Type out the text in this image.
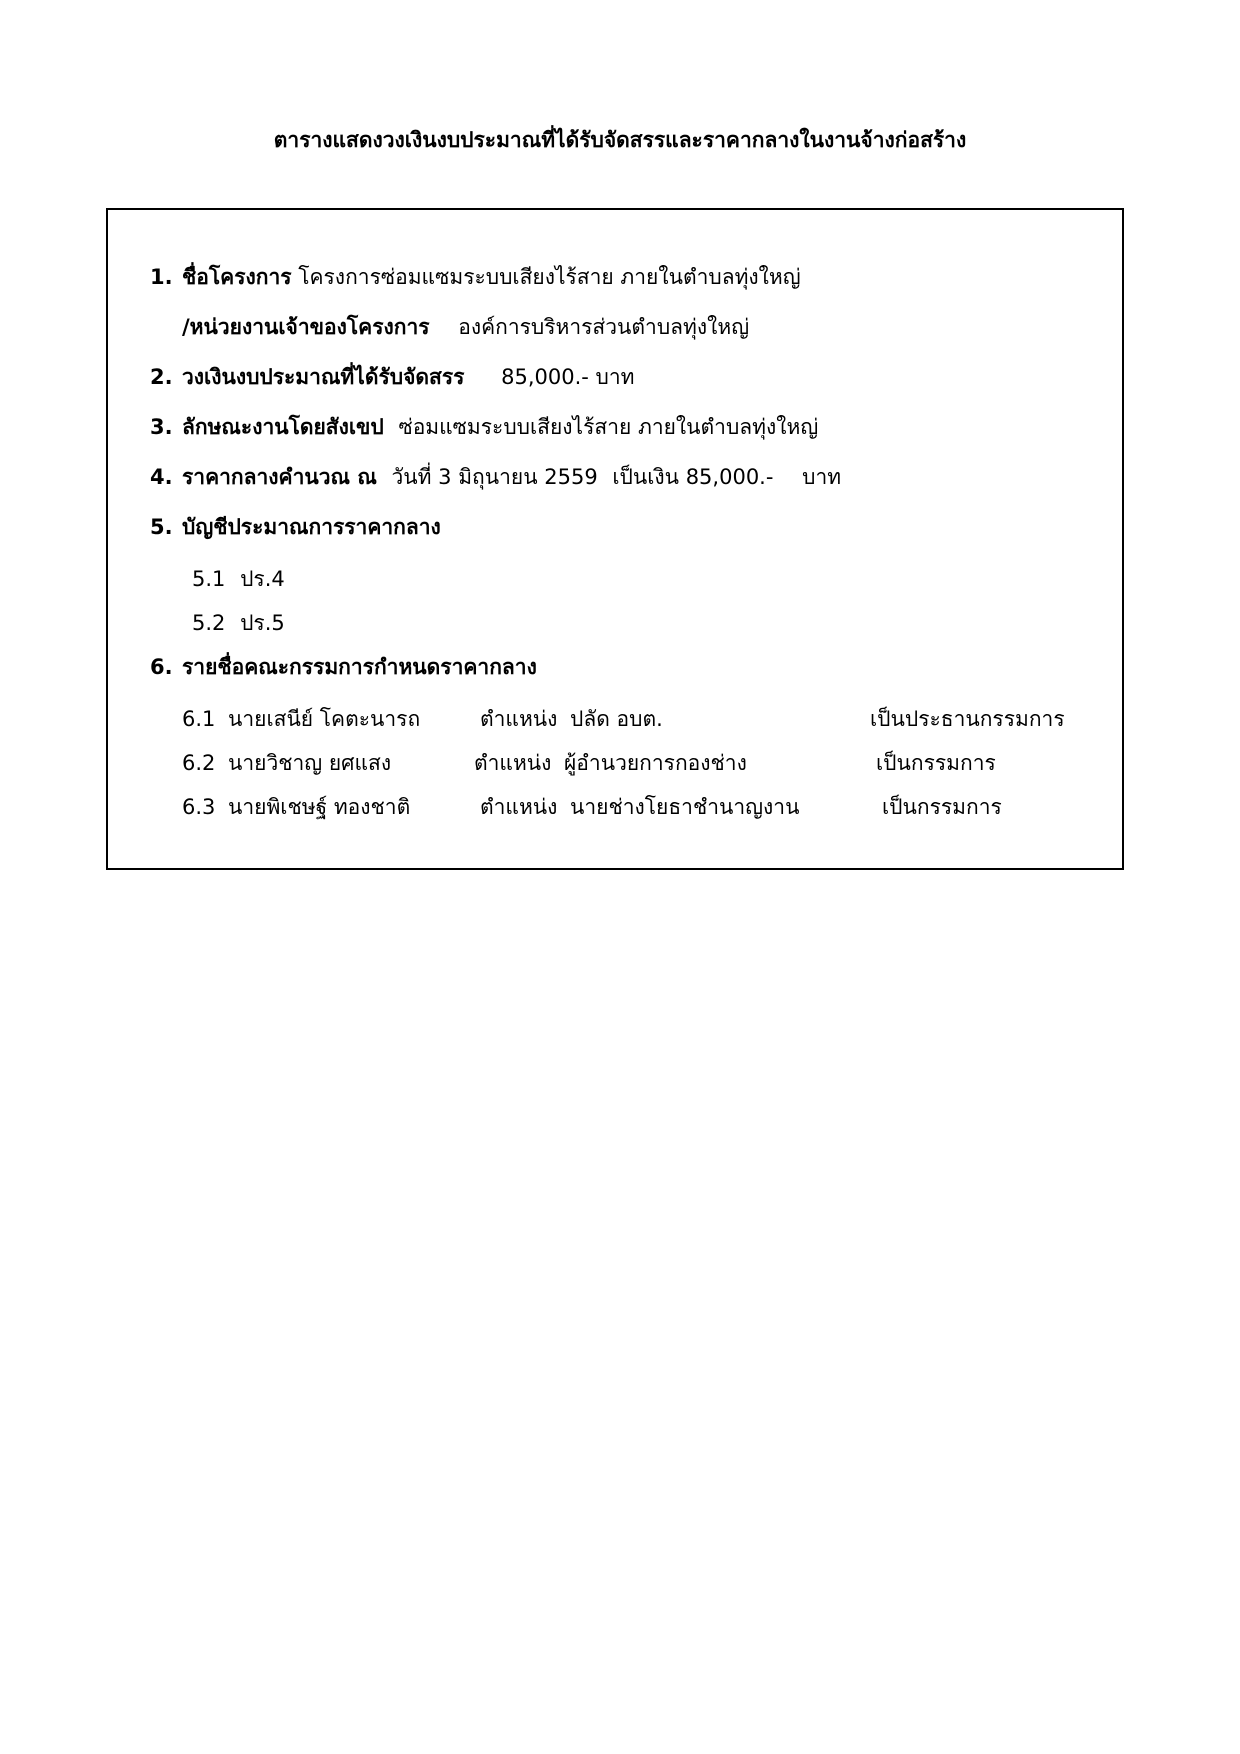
ตารางแสดงวงเงินงบประมาณที่ได้รับจัดสรรและราคากลางในงานจ้างก่อสร้าง
1. ชื่อโครงการ โครงการซ่อมแซมระบบเสียงไร้สาย ภายในตำบลทุ่งใหญ่
/หน่วยงานเจ้าของโครงการ องค์การบริหารส่วนตำบลทุ่งใหญ่
2. วงเงินงบประมาณที่ได้รับจัดสรร 85,000.- บาท
3. ลักษณะงานโดยสังเขป ซ่อมแซมระบบเสียงไร้สาย ภายในตำบลทุ่งใหญ่
4. ราคากลางคำนวณ ณ วันที่ 3 มิถุนายน 2559 เป็นเงิน 85,000.- บาท
5. บัญชีประมาณการราคากลาง
5.1 ปร.4
5.2 ปร.5
6. รายชื่อคณะกรรมการกำหนดราคากลาง
6.1 นายเสนีย์ โคตะนารถ	ตำแหน่ง ปลัด อบต.	เป็นประธานกรรมการ
6.2 นายวิชาญ ยศแสง	ตำแหน่ง ผู้อำนวยการกองช่าง	เป็นกรรมการ
6.3 นายพิเชษฐ์ ทองชาติ	ตำแหน่ง นายช่างโยธาชำนาญงาน	เป็นกรรมการ
